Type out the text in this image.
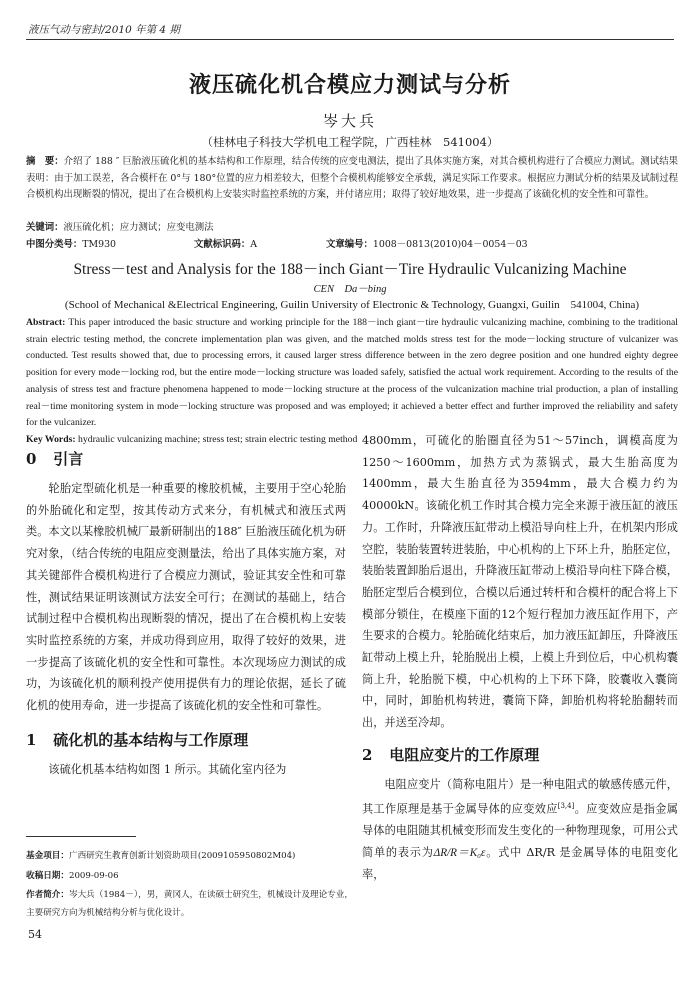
液压气动与密封/2010 年第 4 期
液压硫化机合模应力测试与分析
岑大兵
（桂林电子科技大学机电工程学院，广西桂林　541004）
摘　要：介绍了 188 ″ 巨胎液压硫化机的基本结构和工作原理，结合传统的应变电测法，提出了具体实施方案，对其合模机构进行了合模应力测试。测试结果表明：由于加工误差，各合模杆在 0°与 180°位置的应力相差较大，但整个合模机构能够安全承载，满足实际工作要求。根据应力测试分析的结果及试制过程合模机构出现断裂的情况，提出了在合模机构上安装实时监控系统的方案，并付诸应用；取得了较好地效果，进一步提高了该硫化机的安全性和可靠性。
关键词：液压硫化机；应力测试；应变电测法
中图分类号：TM930	文献标识码：A	文章编号：1008－0813(2010)04－0054－03
Stress－test and Analysis for the 188－inch Giant－Tire Hydraulic Vulcanizing Machine
CEN　Da－bing
(School of Mechanical &Electrical Engineering, Guilin University of Electronic & Technology, Guangxi, Guilin　541004, China)
Abstract: This paper introduced the basic structure and working principle for the 188－inch giant－tire hydraulic vulcanizing machine, combining to the traditional strain electric testing method, the concrete implementation plan was given, and the matched molds stress test for the mode－locking structure of vulcanizer was conducted. Test results showed that, due to processing errors, it caused larger stress difference between in the zero degree position and one hundred eighty degree position for every mode－locking rod, but the entire mode－locking structure was loaded safely, satisfied the actual work requirement. According to the results of the analysis of stress test and fracture phenomena happened to mode－locking structure at the process of the vulcanization machine trial production, a plan of installing real－time monitoring system in mode－locking structure was proposed and was employed; it achieved a better effect and further improved the reliability and safety for the vulcanizer.
Key Words: hydraulic vulcanizing machine; stress test; strain electric testing method
0 引言

轮胎定型硫化机是一种重要的橡胶机械，主要用于空心轮胎的外胎硫化和定型，按其传动方式来分，有机械式和液压式两类。本文以某橡胶机械厂最新研制出的188″ 巨胎液压硫化机为研究对象，（结合传统的电阻应变测量法，给出了具体实施方案，对其关键部件合模机构进行了合模应力测试，验证其安全性和可靠性，测试结果证明该测试方法安全可行；在测试的基础上，结合试制过程中合模机构出现断裂的情况，提出了在合模机构上安装实时监控系统的方案，并成功得到应用，取得了较好的效果，进一步提高了该硫化机的安全性和可靠性。本次现场应力测试的成功，为该硫化机的顺利投产使用提供有力的理论依据，延长了硫化机的使用寿命，进一步提高了该硫化机的安全性和可靠性。

1 硫化机的基本结构与工作原理

该硫化机基本结构如图 1 所示。其硫化室内径为

4800mm，可硫化的胎圈直径为51～57inch，调模高度为1250～1600mm，加热方式为蒸锅式，最大生胎高度为1400mm，最大生胎直径为3594mm，最大合模力约为40000kN。该硫化机工作时其合模力完全来源于液压缸的液压力。工作时，升降液压缸带动上模沿导向柱上升，在机架内形成空腔，装胎装置转进装胎，中心机构的上下环上升，胎胚定位，装胎装置卸胎后退出，升降液压缸带动上模沿导向柱下降合模，胎胚定型后合模到位，合模以后通过转杆和合模杆的配合将上下模部分锁住，在模座下面的12个短行程加力液压缸作用下，产生要求的合模力。轮胎硫化结束后，加力液压缸卸压，升降液压缸带动上模上升，轮胎脱出上模，上模上升到位后，中心机构囊筒上升，轮胎脱下模，中心机构的上下环下降，胶囊收入囊筒中，同时，卸胎机构转进，囊筒下降，卸胎机构将轮胎翻转而出，并送至冷却。

2 电阻应变片的工作原理

电阻应变片（简称电阻片）是一种电阻式的敏感传感元件，其工作原理是基于金属导体的应变效应[3,4]。应变效应是指金属导体的电阻随其机械变形而发生变化的一种物理现象，可用公式简单的表示为ΔR/R＝K₀ε。式中 ΔR/R 是金属导体的电阻变化率，

基金项目：广西研究生教育创新计划资助项目(2009105950802M04)
收稿日期：2009-09-06
作者简介：岑大兵（1984－），男，黄冈人，在读硕士研究生，机械设计及理论专业，主要研究方向为机械结构分析与优化设计。
54
